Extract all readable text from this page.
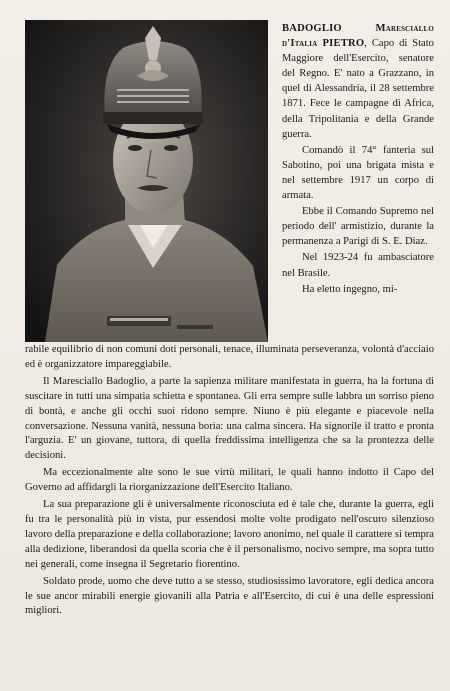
BADOGLIO Maresciallo d'Italia PIETRO, Capo di Stato Maggiore dell'Esercito, senatore del Regno. E' nato a Grazzano, in quel di Alessandria, il 28 settembre 1871. Fece le campagne di Africa, della Tripolitania e della Grande guerra.

Comandò il 74° fanteria sul Sabotino, poi una brigata mista e nel settembre 1917 un corpo di armata.

Ebbe il Comando Supremo nel periodo dell' armistizio, durante la permanenza a Parigi di S. E. Diaz.

Nel 1923-24 fu ambasciatore nel Brasile.

Ha eletto ingegno, mi-

rabile equilibrio di non comuni doti personali, tenace, illuminata perseveranza, volontà d'acciaio ed è organizzatore impareggiabile.

Il Maresciallo Badoglio, a parte la sapienza militare manifestata in guerra, ha la fortuna di suscitare in tutti una simpatia schietta e spontanea. Gli erra sempre sulle labbra un sorriso pieno di bontà, e anche gli occhi suoi ridono sempre. Niuno è più elegante e piacevole nella conversazione. Nessuna vanità, nessuna boria: una calma sincera. Ha signorile il tratto e pronta l'arguzia. E' un giovane, tuttora, di quella freddissima intelligenza che sa la prontezza delle decisioni.

Ma eccezionalmente alte sono le sue virtù militari, le quali hanno indotto il Capo del Governo ad affidargli la riorganizzazione dell'Esercito Italiano.

La sua preparazione gli è universalmente riconosciuta ed è tale che, durante la guerra, egli fu tra le personalità più in vista, pur essendosi molte volte prodigato nell'oscuro silenzioso lavoro della preparazione e della collaborazione; lavoro anonimo, nel quale il carattere si tempra alla dedizione, liberandosi da quella scoria che è il personalismo, nocivo sempre, ma sopra tutto nei generali, come insegna il Segretario fiorentino.

Soldato prode, uomo che deve tutto a se stesso, studiosissimo lavoratore, egli dedica ancora le sue ancor mirabili energie giovanili alla Patria e all'Esercito, di cui è una delle espressioni migliori.
